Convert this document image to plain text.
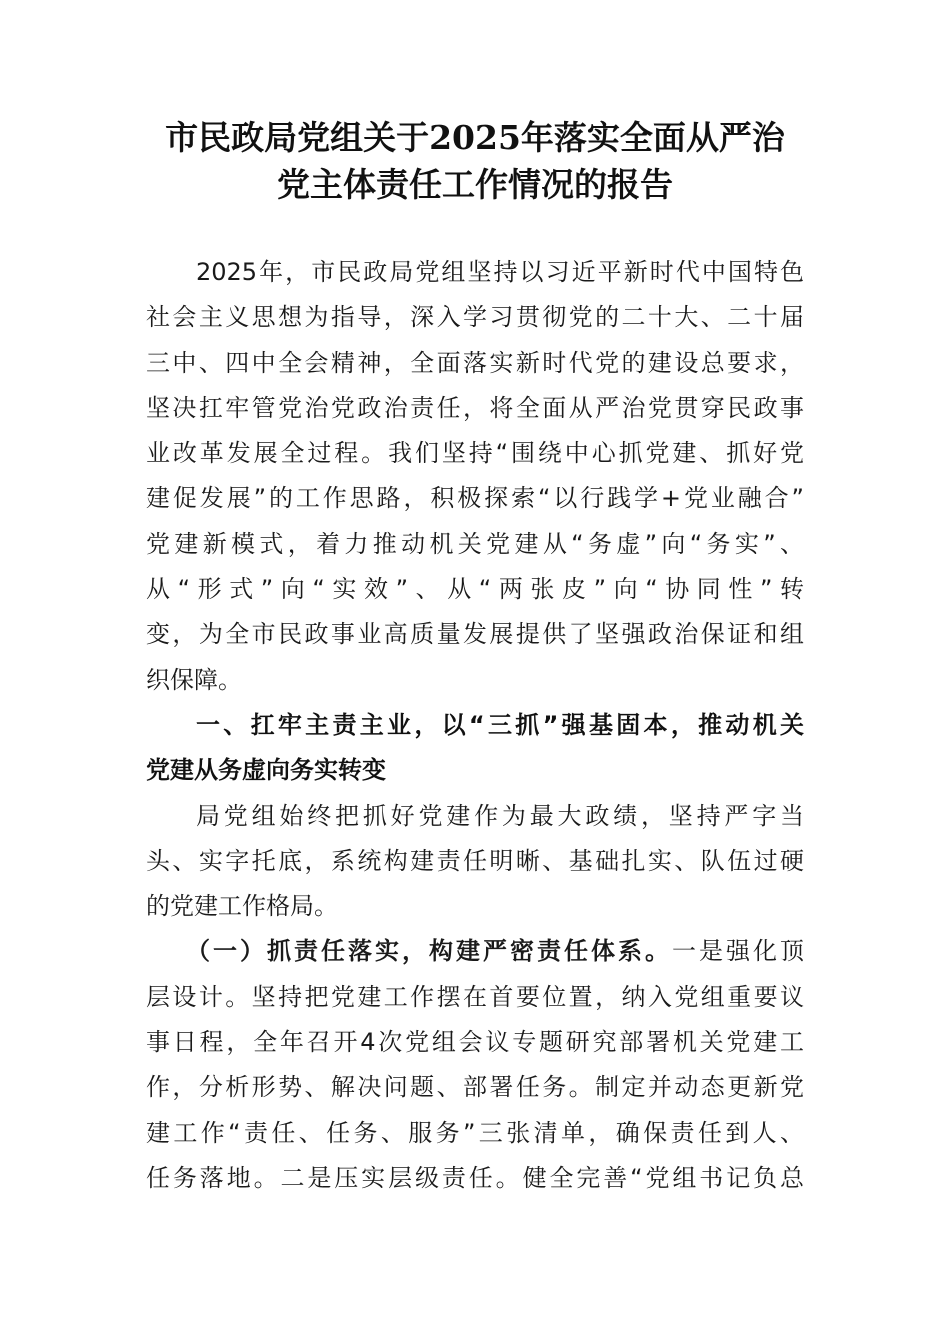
市民政局党组关于2025年落实全面从严治
党主体责任工作情况的报告
2025年，市民政局党组坚持以习近平新时代中国特色
社会主义思想为指导，深入学习贯彻党的二十大、二十届
三中、四中全会精神，全面落实新时代党的建设总要求，
坚决扛牢管党治党政治责任，将全面从严治党贯穿民政事
业改革发展全过程。我们坚持“围绕中心抓党建、抓好党
建促发展”的工作思路，积极探索“以行践学+党业融合”
党建新模式，着力推动机关党建从“务虚”向“务实”、
从“形式”向“实效”、从“两张皮”向“协同性”转
变，为全市民政事业高质量发展提供了坚强政治保证和组
织保障。
一、扛牢主责主业，以“三抓”强基固本，推动机关
党建从务虚向务实转变
局党组始终把抓好党建作为最大政绩，坚持严字当
头、实字托底，系统构建责任明晰、基础扎实、队伍过硬
的党建工作格局。
（一）抓责任落实，构建严密责任体系。一是强化顶
层设计。坚持把党建工作摆在首要位置，纳入党组重要议
事日程，全年召开4次党组会议专题研究部署机关党建工
作，分析形势、解决问题、部署任务。制定并动态更新党
建工作“责任、任务、服务”三张清单，确保责任到人、
任务落地。二是压实层级责任。健全完善“党组书记负总
